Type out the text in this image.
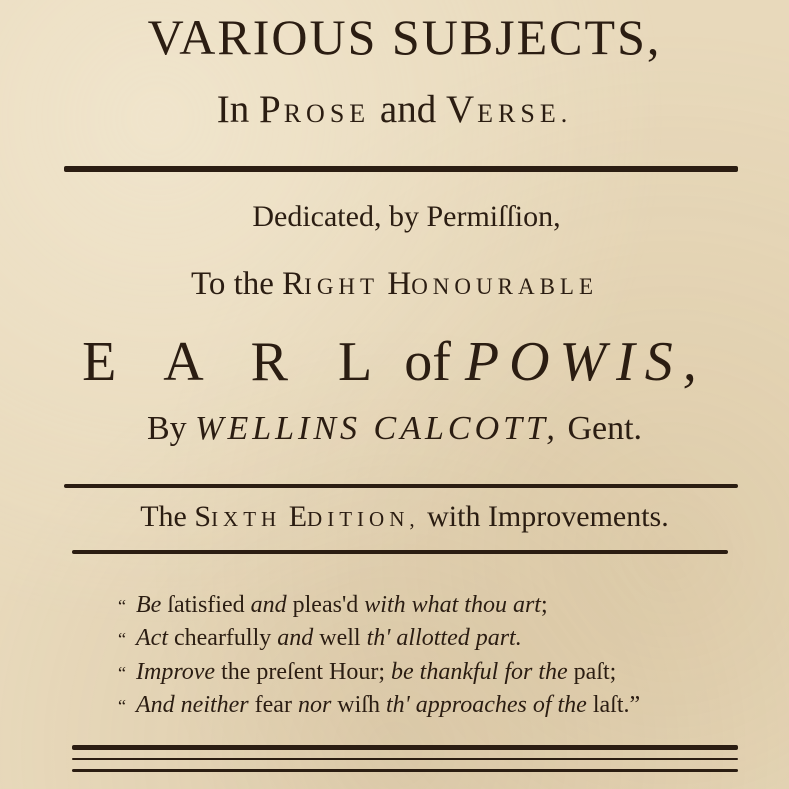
VARIOUS SUBJECTS,
In PROSE and VERSE.
Dedicated, by Permiſſion,
To the RIGHT HONOURABLE
E A R L of POWIS,
By WELLINS CALCOTT, Gent.
The SIXTH EDITION, with Improvements.
“ Be ſatisfied and pleas'd with what thou art;
“ Act chearfully and well th' allotted part.
“ Improve the preſent Hour; be thankful for the paſt;
“ And neither fear nor wiſh th' approaches of the laſt.”
